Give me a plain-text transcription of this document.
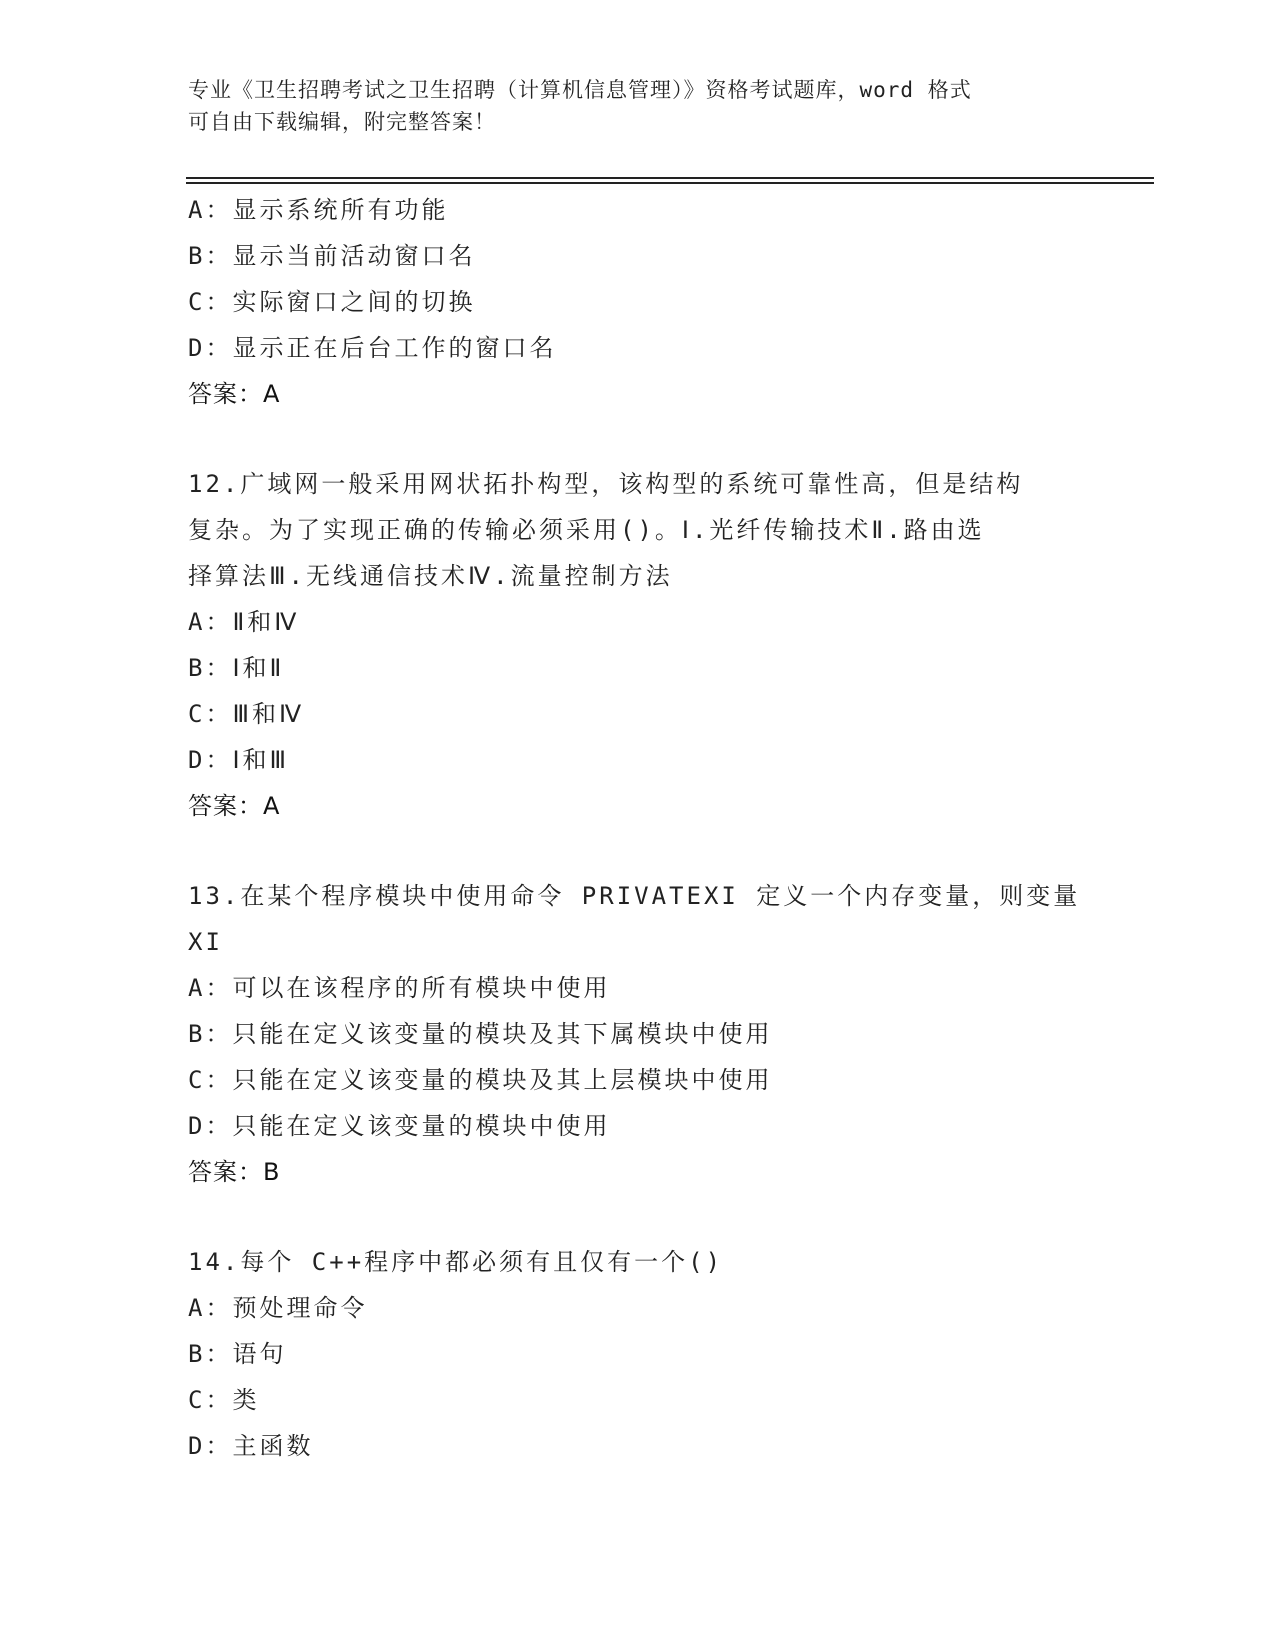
专业《卫生招聘考试之卫生招聘（计算机信息管理）》资格考试题库，word 格式
可自由下载编辑，附完整答案！
A：显示系统所有功能
B：显示当前活动窗口名
C：实际窗口之间的切换
D：显示正在后台工作的窗口名
答案：A
12.广域网一般采用网状拓扑构型，该构型的系统可靠性高，但是结构
复杂。为了实现正确的传输必须采用()。Ⅰ.光纤传输技术Ⅱ.路由选
择算法Ⅲ.无线通信技术Ⅳ.流量控制方法
A：Ⅱ和Ⅳ
B：Ⅰ和Ⅱ
C：Ⅲ和Ⅳ
D：Ⅰ和Ⅲ
答案：A
13.在某个程序模块中使用命令 PRIVATEXI 定义一个内存变量，则变量
XI
A：可以在该程序的所有模块中使用
B：只能在定义该变量的模块及其下属模块中使用
C：只能在定义该变量的模块及其上层模块中使用
D：只能在定义该变量的模块中使用
答案：B
14.每个 C++程序中都必须有且仅有一个()
A：预处理命令
B：语句
C：类
D：主函数
